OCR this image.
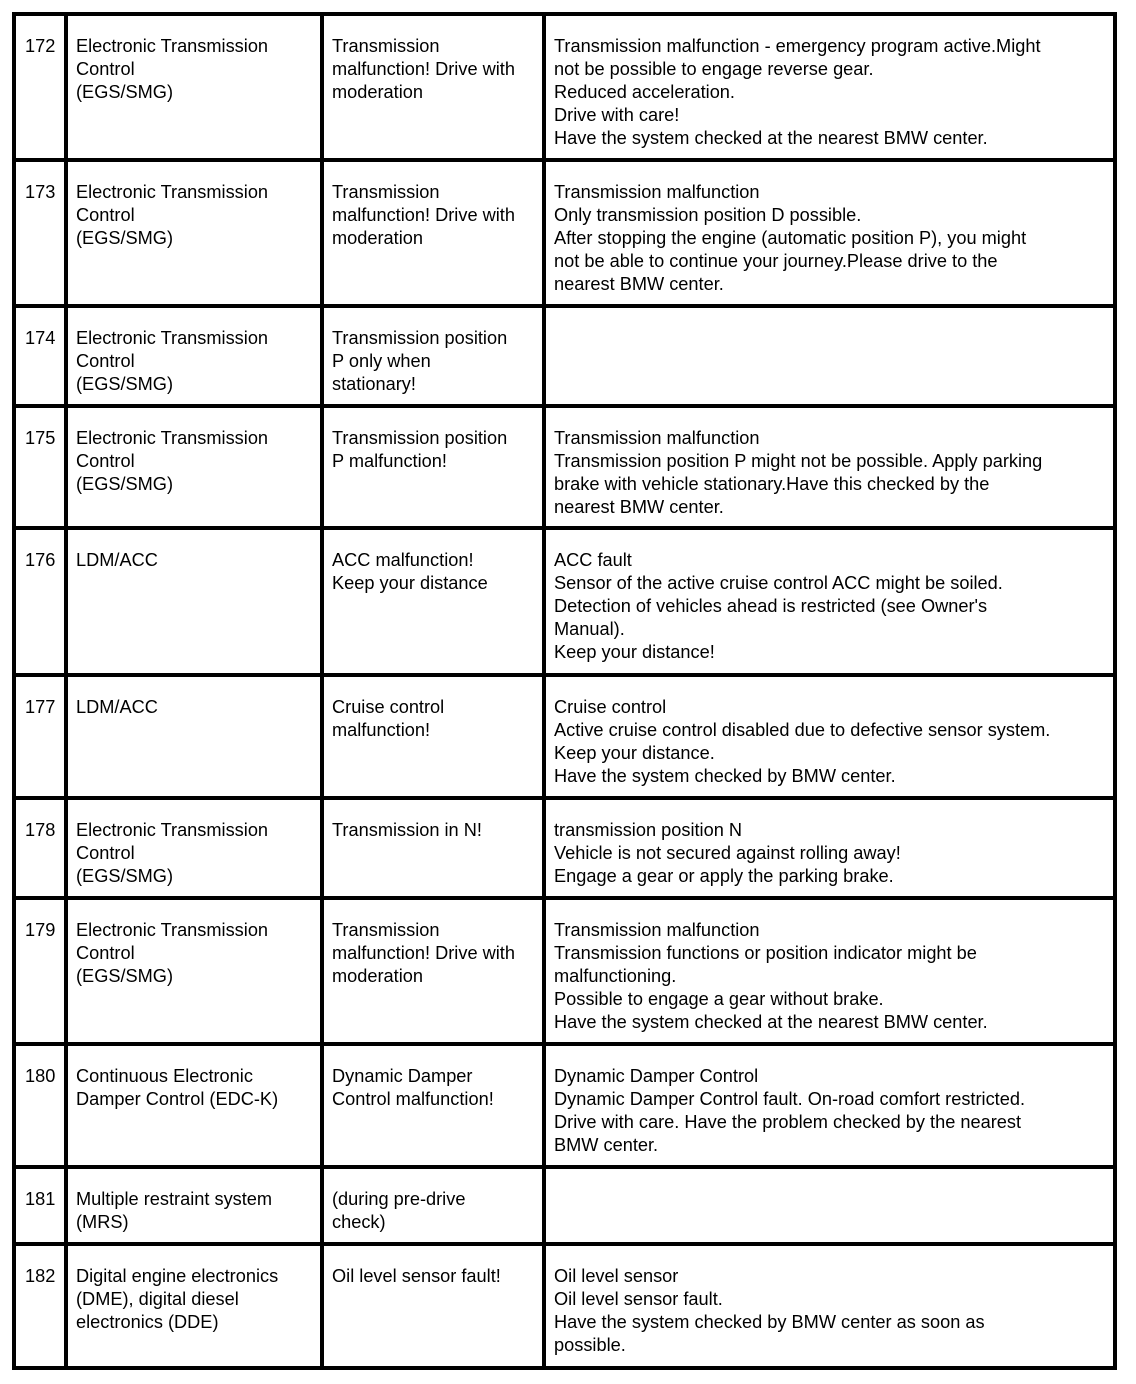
172	Electronic Transmission
Control
(EGS/SMG)	Transmission
malfunction! Drive with
moderation	Transmission malfunction - emergency program active.Might
not be possible to engage reverse gear.
Reduced acceleration.
Drive with care!
Have the system checked at the nearest BMW center.

173	Electronic Transmission
Control
(EGS/SMG)	Transmission
malfunction! Drive with
moderation	Transmission malfunction
Only transmission position D possible.
After stopping the engine (automatic position P), you might
not be able to continue your journey.Please drive to the
nearest BMW center.

174	Electronic Transmission
Control
(EGS/SMG)	Transmission position
P only when
stationary!	

175	Electronic Transmission
Control
(EGS/SMG)	Transmission position
P malfunction!	Transmission malfunction
Transmission position P might not be possible. Apply parking
brake with vehicle stationary.Have this checked by the
nearest BMW center.

176	LDM/ACC	ACC malfunction!
Keep your distance	ACC fault
Sensor of the active cruise control ACC might be soiled.
Detection of vehicles ahead is restricted (see Owner's
Manual).
Keep your distance!

177	LDM/ACC	Cruise control
malfunction!	Cruise control
Active cruise control disabled due to defective sensor system.
Keep your distance.
Have the system checked by BMW center.

178	Electronic Transmission
Control
(EGS/SMG)	Transmission in N!	transmission position N
Vehicle is not secured against rolling away!
Engage a gear or apply the parking brake.

179	Electronic Transmission
Control
(EGS/SMG)	Transmission
malfunction! Drive with
moderation	Transmission malfunction
Transmission functions or position indicator might be
malfunctioning.
Possible to engage a gear without brake.
Have the system checked at the nearest BMW center.

180	Continuous Electronic
Damper Control (EDC-K)	Dynamic Damper
Control malfunction!	Dynamic Damper Control
Dynamic Damper Control fault. On-road comfort restricted.
Drive with care. Have the problem checked by the nearest
BMW center.

181	Multiple restraint system
(MRS)	(during pre-drive
check)	

182	Digital engine electronics
(DME), digital diesel
electronics (DDE)	Oil level sensor fault!	Oil level sensor
Oil level sensor fault.
Have the system checked by BMW center as soon as
possible.
